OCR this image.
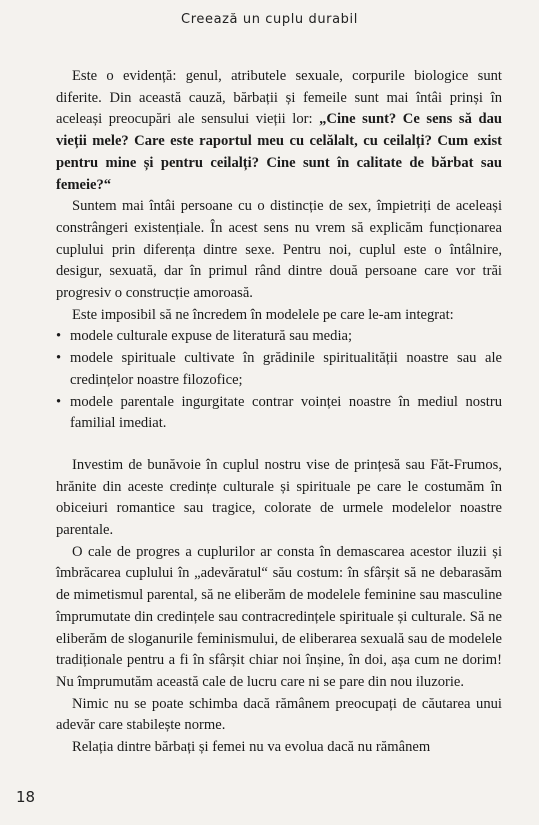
Creează un cuplu durabil

Este o evidență: genul, atributele sexuale, corpurile biologice sunt diferite. Din această cauză, bărbații și femeile sunt mai întâi prinși în aceleași preocupări ale sensului vieții lor: „Cine sunt? Ce sens să dau vieții mele? Care este raportul meu cu celălalt, cu ceilalți? Cum exist pentru mine și pentru ceilalți? Cine sunt în calitate de bărbat sau femeie?“

Suntem mai întâi persoane cu o distincție de sex, împietriți de aceleași constrângeri existențiale. În acest sens nu vrem să explicăm funcționarea cuplului prin diferența dintre sexe. Pentru noi, cuplul este o întâlnire, desigur, sexuată, dar în primul rând dintre două persoane care vor trăi progresiv o construcție amoroasă.

Este imposibil să ne încredem în modelele pe care le-am integrat:

• modele culturale expuse de literatură sau media;
• modele spirituale cultivate în grădinile spiritualității noastre sau ale credințelor noastre filozofice;
• modele parentale ingurgitate contrar voinței noastre în mediul nostru familial imediat.

Investim de bunăvoie în cuplul nostru vise de prințesă sau Făt-Frumos, hrănite din aceste credințe culturale și spirituale pe care le costumăm în obiceiuri romantice sau tragice, colorate de urmele modelelor noastre parentale.

O cale de progres a cuplurilor ar consta în demascarea acestor iluzii și îmbrăcarea cuplului în „adevăratul“ său costum: în sfârșit să ne debarasăm de mimetismul parental, să ne eliberăm de modelele feminine sau masculine împrumutate din credințele sau contracredințele spirituale și culturale. Să ne eliberăm de sloganurile feminismului, de eliberarea sexuală sau de modelele tradiționale pentru a fi în sfârșit chiar noi înșine, în doi, așa cum ne dorim! Nu împrumutăm această cale de lucru care ni se pare din nou iluzorie.

Nimic nu se poate schimba dacă rămânem preocupați de căutarea unui adevăr care stabilește norme.

Relația dintre bărbați și femei nu va evolua dacă nu rămânem

18
